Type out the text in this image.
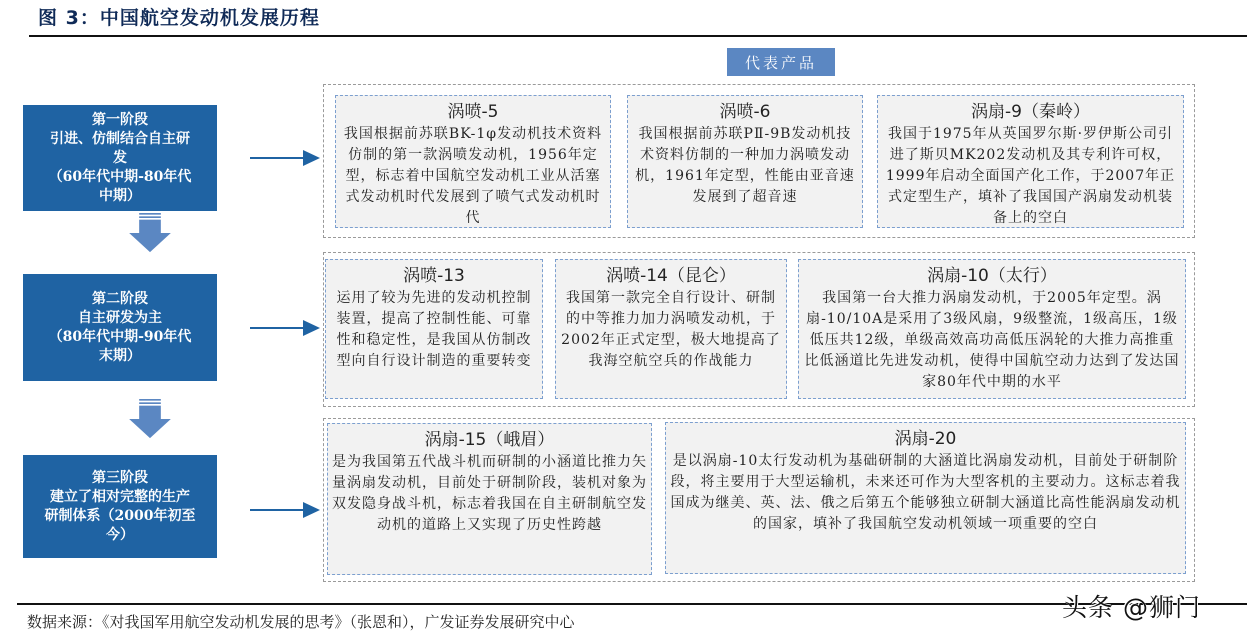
图 3：中国航空发动机发展历程
代表产品
第一阶段
引进、仿制结合自主研
发
（60年代中期-80年代
中期）
第二阶段
自主研发为主
（80年代中期-90年代
末期）
第三阶段
建立了相对完整的生产
研制体系（2000年初至
今）
涡喷-5
我国根据前苏联BK-1φ发动机技术资料仿制的第一款涡喷发动机，1956年定型，标志着中国航空发动机工业从活塞式发动机时代发展到了喷气式发动机时代
涡喷-6
我国根据前苏联PⅡ-9B发动机技术资料仿制的一种加力涡喷发动机，1961年定型，性能由亚音速发展到了超音速
涡扇-9（秦岭）
我国于1975年从英国罗尔斯·罗伊斯公司引进了斯贝MK202发动机及其专利许可权，1999年启动全面国产化工作，于2007年正式定型生产，填补了我国国产涡扇发动机装备上的空白
涡喷-13
运用了较为先进的发动机控制装置，提高了控制性能、可靠性和稳定性，是我国从仿制改型向自行设计制造的重要转变
涡喷-14（昆仑）
我国第一款完全自行设计、研制的中等推力加力涡喷发动机，于2002年正式定型，极大地提高了我海空航空兵的作战能力
涡扇-10（太行）
我国第一台大推力涡扇发动机，于2005年定型。涡扇-10/10A是采用了3级风扇，9级整流，1级高压，1级低压共12级，单级高效高功高低压涡轮的大推力高推重比低涵道比先进发动机，使得中国航空动力达到了发达国家80年代中期的水平
涡扇-15（峨眉）
是为我国第五代战斗机而研制的小涵道比推力矢量涡扇发动机，目前处于研制阶段，装机对象为双发隐身战斗机，标志着我国在自主研制航空发动机的道路上又实现了历史性跨越
涡扇-20
是以涡扇-10太行发动机为基础研制的大涵道比涡扇发动机，目前处于研制阶段，将主要用于大型运输机，未来还可作为大型客机的主要动力。这标志着我国成为继美、英、法、俄之后第五个能够独立研制大涵道比高性能涡扇发动机的国家，填补了我国航空发动机领域一项重要的空白
数据来源：《对我国军用航空发动机发展的思考》（张恩和），广发证券发展研究中心	头条 @狮门
